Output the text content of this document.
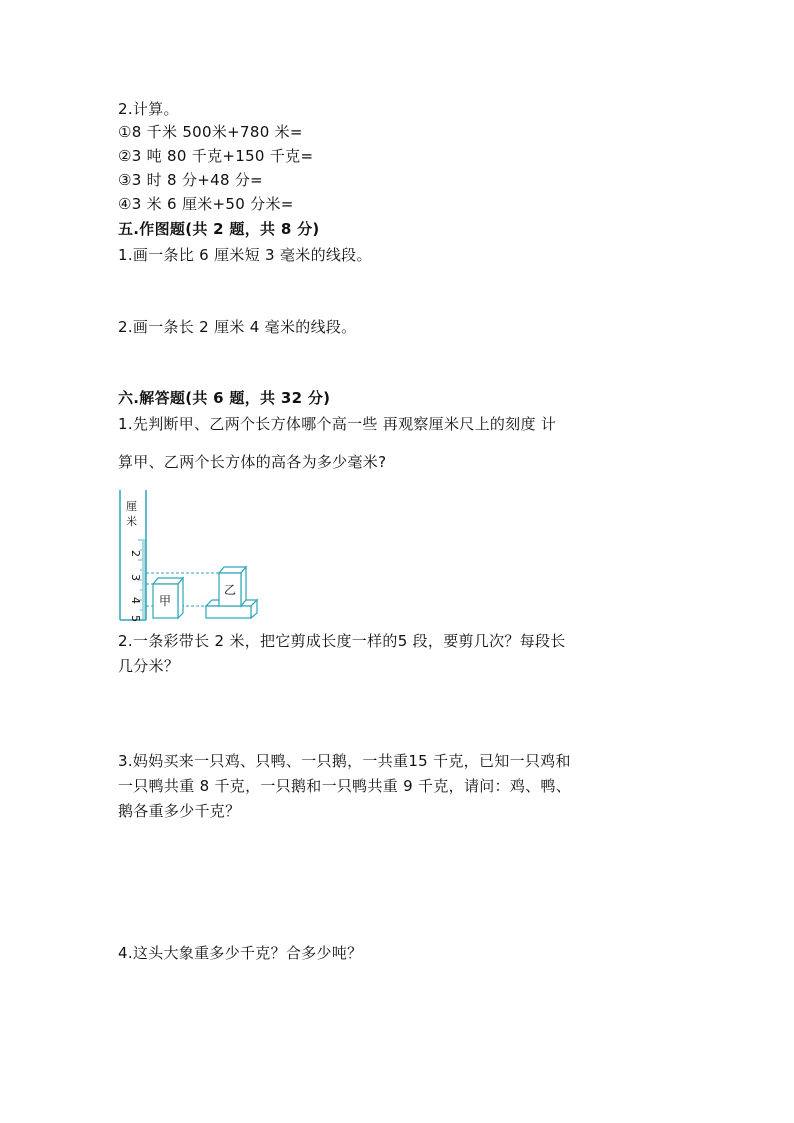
2.计算。
①8 千米 500米+780 米=
②3 吨 80 千克+150 千克=
③3 时 8 分+48 分=
④3 米 6 厘米+50 分米=
五.作图题(共 2 题，共 8 分)
1.画一条比 6 厘米短 3 毫米的线段。
2.画一条长 2 厘米 4 毫米的线段。
六.解答题(共 6 题，共 32 分)
1.先判断甲、乙两个长方体哪个高一些 再观察厘米尺上的刻度 计
算甲、乙两个长方体的高各为多少毫米?
厘
米
2
3
4
5
甲
乙
2.一条彩带长 2 米，把它剪成长度一样的5 段，要剪几次？每段长
几分米？
3.妈妈买来一只鸡、只鸭、一只鹅，一共重15 千克，已知一只鸡和
一只鸭共重 8 千克，一只鹅和一只鸭共重 9 千克，请问：鸡、鸭、
鹅各重多少千克？
4.这头大象重多少千克？合多少吨？
